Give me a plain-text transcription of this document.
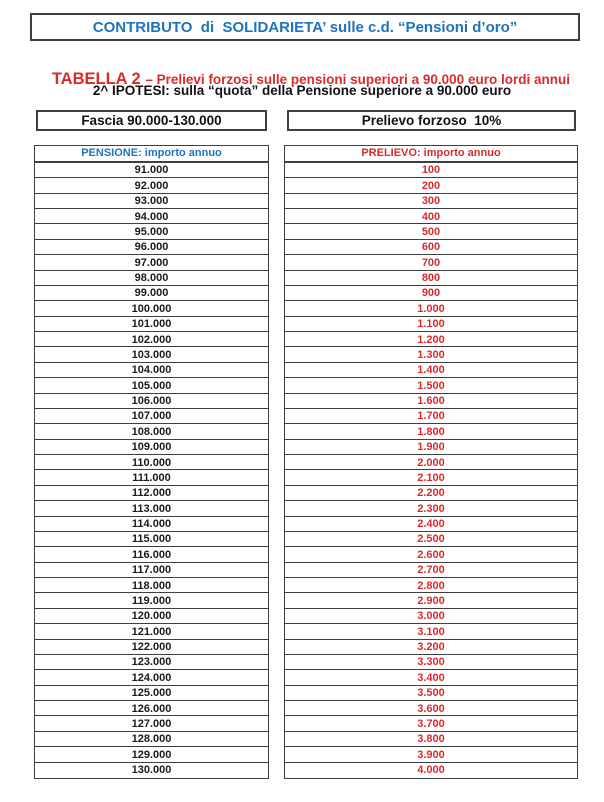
CONTRIBUTO  di  SOLIDARIETA’ sulle c.d. “Pensioni d’oro”

TABELLA 2 – Prelievi forzosi sulle pensioni superiori a 90.000 euro lordi annui

2^ IPOTESI: sulla “quota” della Pensione superiore a 90.000 euro
Fascia 90.000-130.000	Prelievo forzoso  10%
PENSIONE: importo annuo
91.000
92.000
93.000
94.000
95.000
96.000
97.000
98.000
99.000
100.000
101.000
102.000
103.000
104.000
105.000
106.000
107.000
108.000
109.000
110.000
111.000
112.000
113.000
114.000
115.000
116.000
117.000
118.000
119.000
120.000
121.000
122.000
123.000
124.000
125.000
126.000
127.000
128.000
129.000
130.000
PRELIEVO: importo annuo
100
200
300
400
500
600
700
800
900
1.000
1.100
1.200
1.300
1.400
1.500
1.600
1.700
1.800
1.900
2.000
2.100
2.200
2.300
2.400
2.500
2.600
2.700
2.800
2.900
3.000
3.100
3.200
3.300
3.400
3.500
3.600
3.700
3.800
3.900
4.000
